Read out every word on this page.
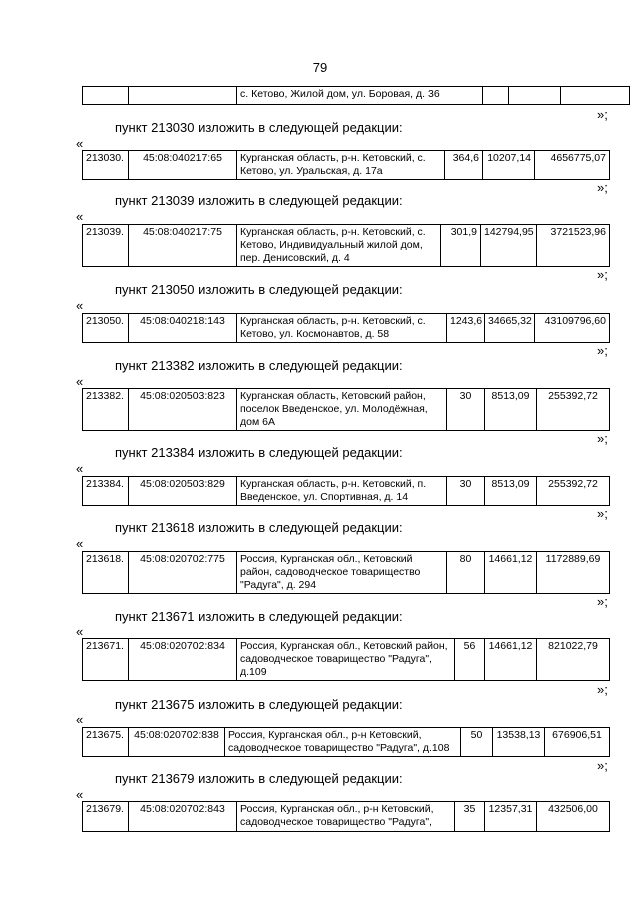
79
		с. Кетово, Жилой дом, ул. Боровая, д. 36			
»;
пункт 213030 изложить в следующей редакции:
«
213030.	45:08:040217:65	Курганская область, р-н. Кетовский, с. Кетово, ул. Уральская, д. 17а	364,6	10207,14	4656775,07
»;
пункт 213039 изложить в следующей редакции:
«
213039.	45:08:040217:75	Курганская область, р-н. Кетовский, с. Кетово, Индивидуальный жилой дом, пер. Денисовский, д. 4	301,9	142794,95	3721523,96
»;
пункт 213050 изложить в следующей редакции:
«
213050.	45:08:040218:143	Курганская область, р-н. Кетовский, с. Кетово, ул. Космонавтов, д. 58	1243,6	34665,32	43109796,60
»;
пункт 213382 изложить в следующей редакции:
«
213382.	45:08:020503:823	Курганская область, Кетовский район, поселок Введенское, ул. Молодёжная, дом 6А	30	8513,09	255392,72
»;
пункт 213384 изложить в следующей редакции:
«
213384.	45:08:020503:829	Курганская область, р-н. Кетовский, п. Введенское, ул. Спортивная, д. 14	30	8513,09	255392,72
»;
пункт 213618 изложить в следующей редакции:
«
213618.	45:08:020702:775	Россия, Курганская обл., Кетовский район, садоводческое товарищество "Радуга", д. 294	80	14661,12	1172889,69
»;
пункт 213671 изложить в следующей редакции:
«
213671.	45:08:020702:834	Россия, Курганская обл., Кетовский район, садоводческое товарищество "Радуга", д.109	56	14661,12	821022,79
»;
пункт 213675 изложить в следующей редакции:
«
213675.	45:08:020702:838	Россия, Курганская обл., р-н Кетовский, садоводческое товарищество "Радуга", д.108	50	13538,13	676906,51
»;
пункт 213679 изложить в следующей редакции:
«
213679.	45:08:020702:843	Россия, Курганская обл., р-н Кетовский, садоводческое товарищество "Радуга",	35	12357,31	432506,00
